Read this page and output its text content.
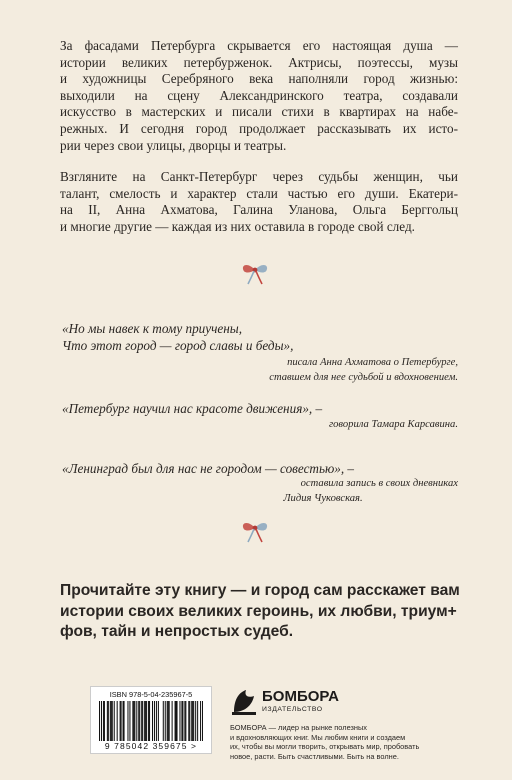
За фасадами Петербурга скрывается его настоящая душа —
истории великих петербурженок. Актрисы, поэтессы, музы
и художницы Серебряного века наполняли город жизнью:
выходили на сцену Александринского театра, создавали
искусство в мастерских и писали стихи в квартирах на набе-
режных. И сегодня город продолжает рассказывать их исто-
рии через свои улицы, дворцы и театры.
Взгляните на Санкт-Петербург через судьбы женщин, чьи
талант, смелость и характер стали частью его души. Екатери-
на II, Анна Ахматова, Галина Уланова, Ольга Берггольц
и многие другие — каждая из них оставила в городе свой след.
«Но мы навек к тому приучены,
Что этот город — город славы и беды»,
писала Анна Ахматова о Петербурге,
ставшем для нее судьбой и вдохновением.
«Петербург научил нас красоте движения», –
говорила Тамара Карсавина.
«Ленинград был для нас не городом — совестью», –
оставила запись в своих дневниках
Лидия Чуковская.
Прочитайте эту книгу — и город сам расскажет вам
истории своих великих героинь, их любви, триум+
фов, тайн и непростых судеб.
ISBN 978-5-04-235967-5
9 785042 359675 >
БОМБОРА
ИЗДАТЕЛЬСТВО
БОМБОРА — лидер на рынке полезных
и вдохновляющих книг. Мы любим книги и создаем
их, чтобы вы могли творить, открывать мир, пробовать
новое, расти. Быть счастливыми. Быть на волне.
